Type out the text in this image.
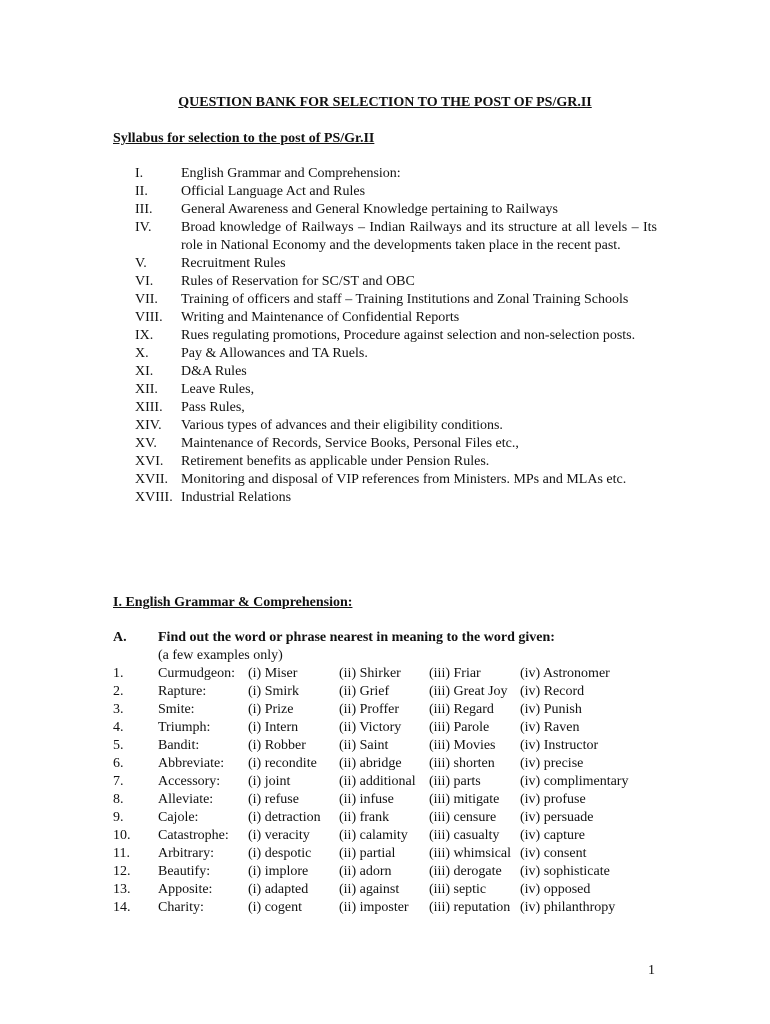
QUESTION BANK FOR SELECTION TO THE POST OF PS/GR.II
Syllabus for selection to the post of PS/Gr.II
I.	English Grammar and Comprehension:
II.	Official Language Act and Rules
III.	General Awareness and General Knowledge pertaining to Railways
IV.	Broad knowledge of Railways – Indian Railways and its structure at all levels – Its role in National Economy and the developments taken place in the recent past.
V.	Recruitment Rules
VI.	Rules of Reservation for SC/ST and OBC
VII.	Training of officers and staff – Training Institutions and Zonal Training Schools
VIII.	Writing and Maintenance of Confidential Reports
IX.	Rues regulating promotions, Procedure against selection and non-selection posts.
X.	Pay & Allowances and TA Ruels.
XI.	D&A Rules
XII.	Leave Rules,
XIII.	Pass Rules,
XIV.	Various types of advances and their eligibility conditions.
XV.	Maintenance of Records, Service Books, Personal Files etc.,
XVI.	Retirement benefits as applicable under Pension Rules.
XVII. Monitoring and disposal of VIP references from Ministers. MPs and MLAs etc.
XVIII. Industrial Relations
I. English Grammar & Comprehension:
A.	Find out the word or phrase nearest in meaning to the word given:
(a few examples only)
1.	Curmudgeon:	(i) Miser	(ii) Shirker	(iii) Friar	(iv) Astronomer
2.	Rapture:	(i) Smirk	(ii) Grief	(iii) Great Joy	(iv) Record
3.	Smite:	(i) Prize	(ii) Proffer	(iii) Regard	(iv) Punish
4.	Triumph:	(i) Intern	(ii) Victory	(iii) Parole	(iv) Raven
5.	Bandit:	(i) Robber	(ii) Saint	(iii) Movies	(iv) Instructor
6.	Abbreviate:	(i) recondite	(ii) abridge	(iii) shorten	(iv) precise
7.	Accessory:	(i) joint	(ii) additional	(iii) parts	(iv) complimentary
8.	Alleviate:	(i) refuse	(ii) infuse	(iii) mitigate	(iv) profuse
9.	Cajole:	(i) detraction	(ii) frank	(iii) censure	(iv) persuade
10.	Catastrophe:	(i) veracity	(ii) calamity	(iii) casualty	(iv) capture
11.	Arbitrary:	(i) despotic	(ii) partial	(iii) whimsical	(iv) consent
12.	Beautify:	(i) implore	(ii) adorn	(iii) derogate	(iv) sophisticate
13.	Apposite:	(i) adapted	(ii) against	(iii) septic	(iv) opposed
14.	Charity:	(i) cogent	(ii) imposter	(iii) reputation	(iv) philanthropy
1
